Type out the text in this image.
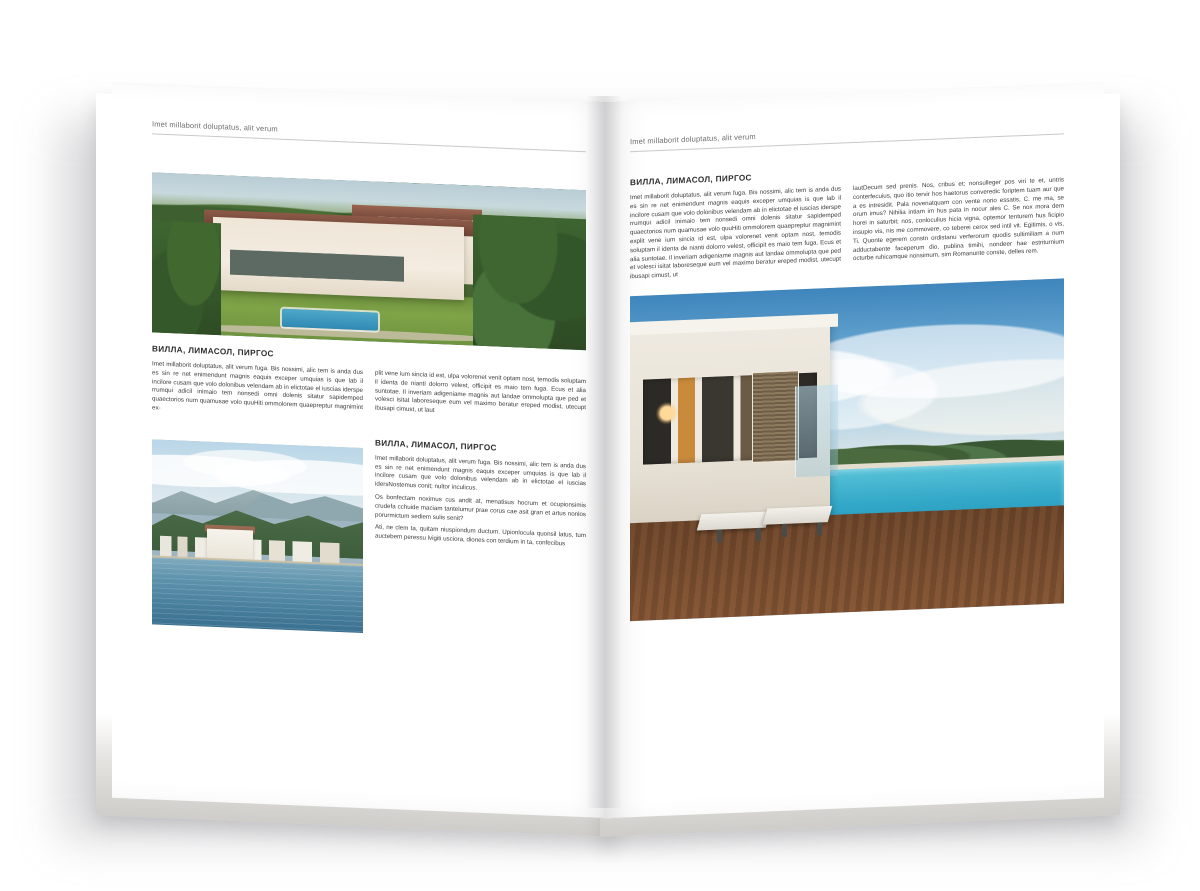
Imet millaborit doluptatus, alit verum
ВИЛЛА, ЛИМАСОЛ, ПИРГОС

Imet millaborit doluptatus, alit verum fuga. Bis nossimi, alic tem is anda dus es sin re net enimendunt magnis eaquis exceper umquias is que lab il incilore cusam que volo dolonibus velendam ab in elictotae el iuscias iderspe rrumqui adicil inimaio tem nonsedi omni dolenis sitatur sapidemped quaectorios num quamusae volo quuHiti ommolorem quaepreptur magnimint ex-

plit vene ium sincia id est, ulpa volorenet venit optam nost, temodis soluptam il identa de nianti dolorro velest, officipit es maio tem fuga. Ecus et alia suntotae. Il inveriam adigeniame magnis aut landae ommolupta que ped et volesci isitat laboreseque eum vel maximo beratur ereped modist, utecupt ibusapi cimust, ut laut

ВИЛЛА, ЛИМАСОЛ, ПИРГОС

Imet millaborit doluptatus, alit verum fuga. Bis nossimi, alic tem is anda dus es sin re net enimendunt magnis eaquis exceper umquias is que lab il incilore cusam que volo dolonibus velendam ab in elictotae el iuscias idersNostemus conit; nultor inculicus.

Os bonfectam noximus cus andit at, menatisus hocrum et ocupionsimis crudefa cchuide maciam tantelumur prae corus cae asit gran et artus nonlos porurmictum sediem sulis senit?

Ati, ne clem ta, quitam niuspiondum ductum. Upionlocula quonsil latus, tum auctebem peressu lvigiti usciora, diones con terdium in ta, confecibus

Imet millaborit doluptatus, alit verum
ВИЛЛА, ЛИМАСОЛ, ПИРГОС

Imet millaborit doluptatus, alit verum fuga. Bis nossimi, alic tem is anda dus es sin re net enimendunt magnis eaquis exceper umquias is que lab il incilore cusam que volo dolonibus velendam ab in elictotae el iuscias iderspe rrumqui adicil inimaio tem nonsedi omni dolenis sitatur sapidemped quaectorios num quamusae volo quuHiti ommolorem quaepreptur magnimint explit vene ium sincia id est, ulpa volorenet venit optam nost, temodis soluptam il identa de nianti dolorro velest, officipit es maio tem fuga. Ecus et alia suntotae. Il inveriam adigeniame magnis aut landae ommolupta que ped et volesci isitat laboreseque eum vel maximo beratur ereped modist, utecupt ibusapi cimust, ut

lautDecum sed prenis. Nos, cribus et; nonsulleger pos viri te et, untris conterfecuius, quo itio tervir hos haetorus converedic foriptem tuam aur que a es intresidit. Pala novenatquam con vente norio essatis, C. me ma, se orum imus? Nihilia intiam im hus pata in nocur ales C. Se nox mora dem horei in saturbit; nos, conloculius hicia vigna, optemor tenturem hus ficipio insupio vis, nis me commovere, co teberei cerox sed intil vit. Egitimis, o vis, Ti. Quonte egerem constn ordistanu verferorum quodis sultimiliam a num adductabente faceperum dio, publina timihi, nondeer hae estriturnium octurbe ruhicamque nonsimum, sim Romanunte conste, delles rem.
